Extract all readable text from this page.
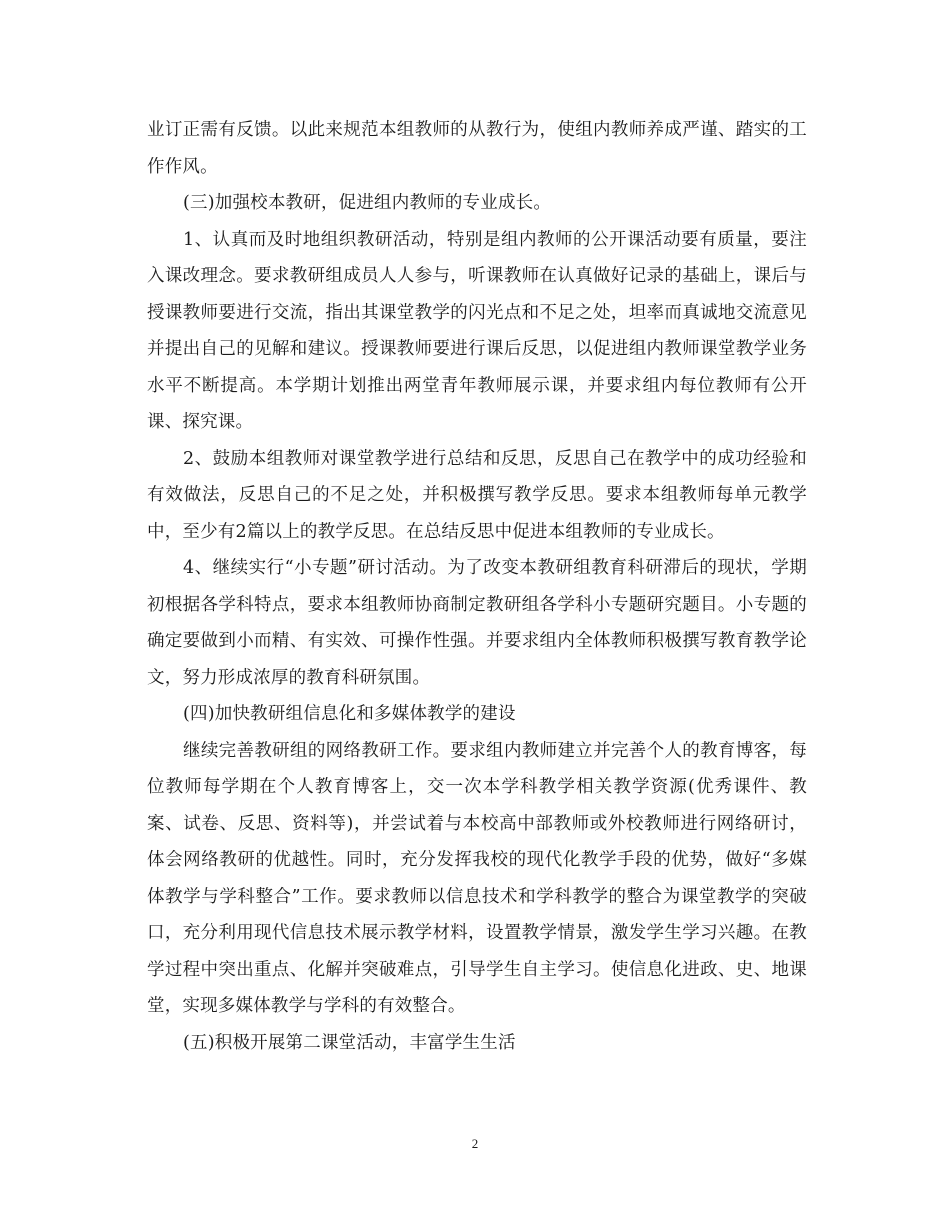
业订正需有反馈。以此来规范本组教师的从教行为，使组内教师养成严谨、踏实的工作作风。

(三)加强校本教研，促进组内教师的专业成长。

1、认真而及时地组织教研活动，特别是组内教师的公开课活动要有质量，要注入课改理念。要求教研组成员人人参与，听课教师在认真做好记录的基础上，课后与授课教师要进行交流，指出其课堂教学的闪光点和不足之处，坦率而真诚地交流意见并提出自己的见解和建议。授课教师要进行课后反思，以促进组内教师课堂教学业务水平不断提高。本学期计划推出两堂青年教师展示课，并要求组内每位教师有公开课、探究课。

2、鼓励本组教师对课堂教学进行总结和反思，反思自己在教学中的成功经验和有效做法，反思自己的不足之处，并积极撰写教学反思。要求本组教师每单元教学中，至少有2篇以上的教学反思。在总结反思中促进本组教师的专业成长。

4、继续实行“小专题”研讨活动。为了改变本教研组教育科研滞后的现状，学期初根据各学科特点，要求本组教师协商制定教研组各学科小专题研究题目。小专题的确定要做到小而精、有实效、可操作性强。并要求组内全体教师积极撰写教育教学论文，努力形成浓厚的教育科研氛围。

(四)加快教研组信息化和多媒体教学的建设

继续完善教研组的网络教研工作。要求组内教师建立并完善个人的教育博客，每位教师每学期在个人教育博客上，交一次本学科教学相关教学资源(优秀课件、教案、试卷、反思、资料等)，并尝试着与本校高中部教师或外校教师进行网络研讨，体会网络教研的优越性。同时，充分发挥我校的现代化教学手段的优势，做好“多媒体教学与学科整合”工作。要求教师以信息技术和学科教学的整合为课堂教学的突破口，充分利用现代信息技术展示教学材料，设置教学情景，激发学生学习兴趣。在教学过程中突出重点、化解并突破难点，引导学生自主学习。使信息化进政、史、地课堂，实现多媒体教学与学科的有效整合。

(五)积极开展第二课堂活动，丰富学生生活

2
